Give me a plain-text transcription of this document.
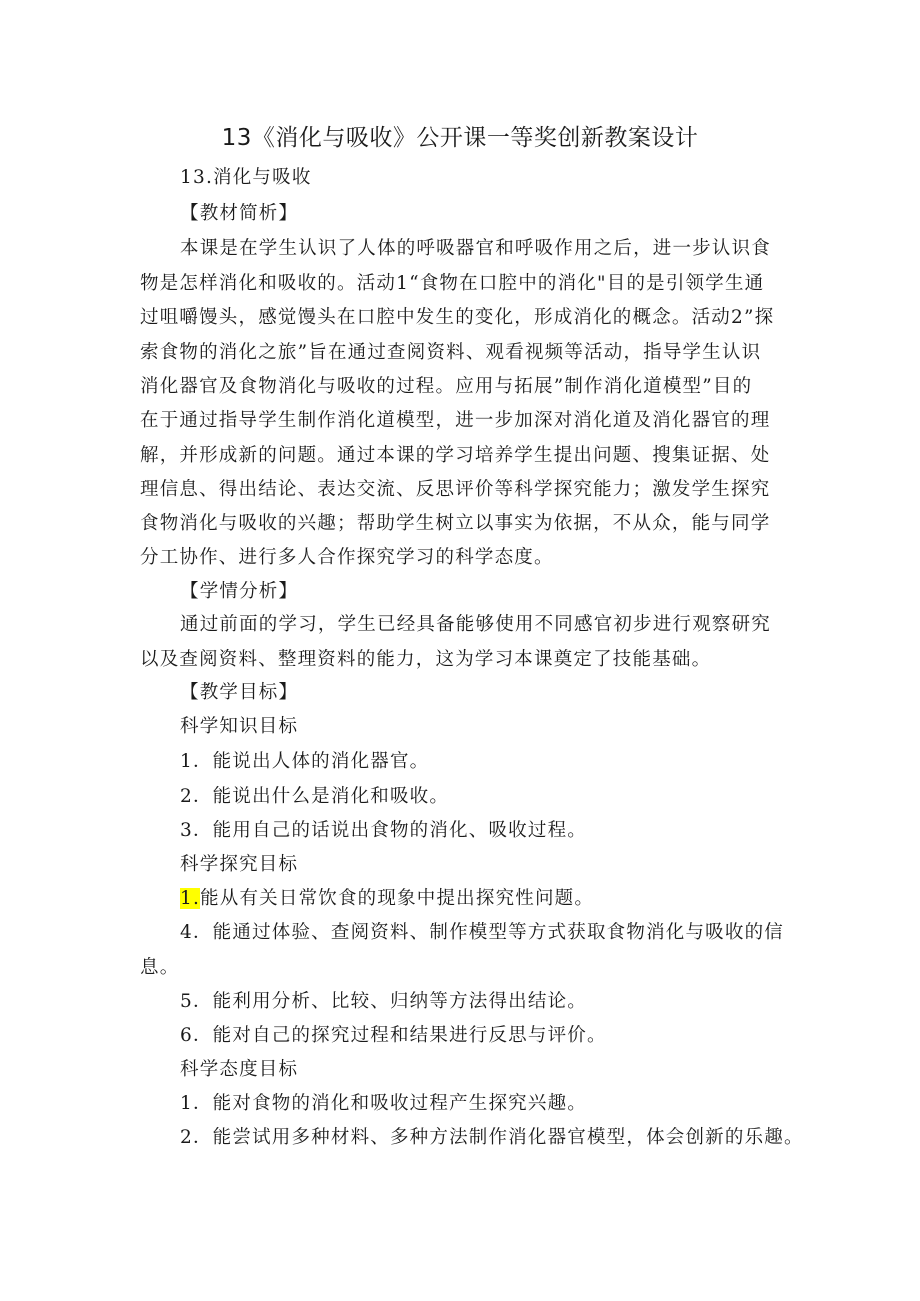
13《消化与吸收》公开课一等奖创新教案设计
13.消化与吸收
【教材简析】
本课是在学生认识了人体的呼吸器官和呼吸作用之后，进一步认识食
物是怎样消化和吸收的。活动1“食物在口腔中的消化"目的是引领学生通
过咀嚼馒头，感觉馒头在口腔中发生的变化，形成消化的概念。活动2”探
索食物的消化之旅”旨在通过查阅资料、观看视频等活动，指导学生认识
消化器官及食物消化与吸收的过程。应用与拓展”制作消化道模型”目的
在于通过指导学生制作消化道模型，进一步加深对消化道及消化器官的理
解，并形成新的问题。通过本课的学习培养学生提出问题、搜集证据、处
理信息、得出结论、表达交流、反思评价等科学探究能力；激发学生探究
食物消化与吸收的兴趣；帮助学生树立以事实为依据，不从众，能与同学
分工协作、进行多人合作探究学习的科学态度。
【学情分析】
通过前面的学习，学生已经具备能够使用不同感官初步进行观察研究
以及查阅资料、整理资料的能力，这为学习本课奠定了技能基础。
【教学目标】
科学知识目标
1．能说出人体的消化器官。
2．能说出什么是消化和吸收。
3．能用自己的话说出食物的消化、吸收过程。
科学探究目标
1.能从有关日常饮食的现象中提出探究性问题。
4．能通过体验、查阅资料、制作模型等方式获取食物消化与吸收的信
息。
5．能利用分析、比较、归纳等方法得出结论。
6．能对自己的探究过程和结果进行反思与评价。
科学态度目标
1．能对食物的消化和吸收过程产生探究兴趣。
2．能尝试用多种材料、多种方法制作消化器官模型，体会创新的乐趣。
